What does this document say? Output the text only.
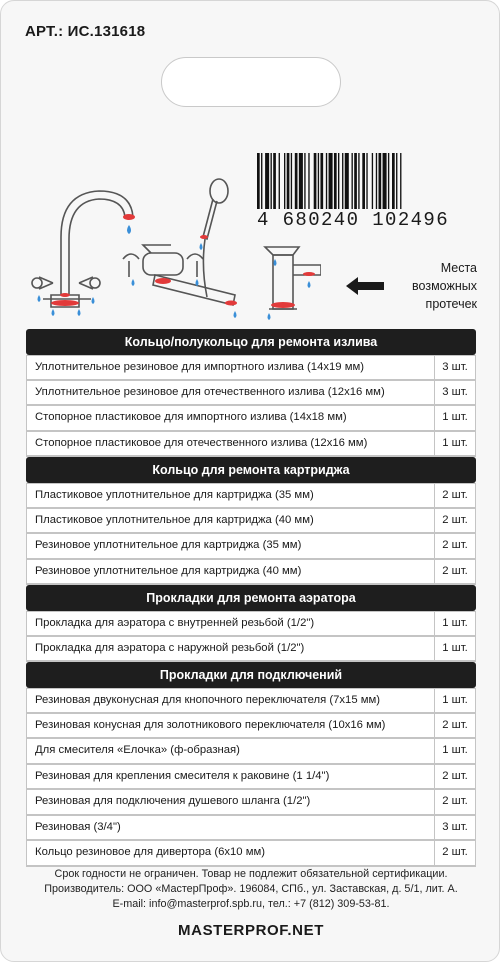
АРТ.: ИС.131618
4 680240 102496
Места
возможных
протечек
Кольцо/полукольцо для ремонта излива
Уплотнительное резиновое для импортного излива (14х19 мм)	3 шт.
Уплотнительное резиновое для отечественного излива (12х16 мм)	3 шт.
Стопорное пластиковое для импортного излива (14х18 мм)	1 шт.
Стопорное пластиковое для отечественного излива (12х16 мм)	1 шт.
Кольцо для ремонта картриджа
Пластиковое уплотнительное для картриджа (35 мм)	2 шт.
Пластиковое уплотнительное для картриджа (40 мм)	2 шт.
Резиновое уплотнительное для картриджа (35 мм)	2 шт.
Резиновое уплотнительное для картриджа (40 мм)	2 шт.
Прокладки для ремонта аэратора
Прокладка для аэратора с внутренней резьбой (1/2")	1 шт.
Прокладка для аэратора с наружной резьбой (1/2")	1 шт.
Прокладки для подключений
Резиновая двуконусная для кнопочного переключателя (7х15 мм)	1 шт.
Резиновая конусная для золотникового переключателя (10х16 мм)	2 шт.
Для смесителя «Елочка» (ф-образная)	1 шт.
Резиновая для крепления смесителя к раковине (1 1/4")	2 шт.
Резиновая для подключения душевого шланга (1/2")	2 шт.
Резиновая (3/4")	3 шт.
Кольцо резиновое для дивертора (6х10 мм)	2 шт.
Срок годности не ограничен. Товар не подлежит обязательной сертификации.
Производитель: ООО «МастерПроф». 196084, СПб., ул. Заставская, д. 5/1, лит. А.
E-mail: info@masterprof.spb.ru, тел.: +7 (812) 309-53-81.
MASTERPROF.NET
